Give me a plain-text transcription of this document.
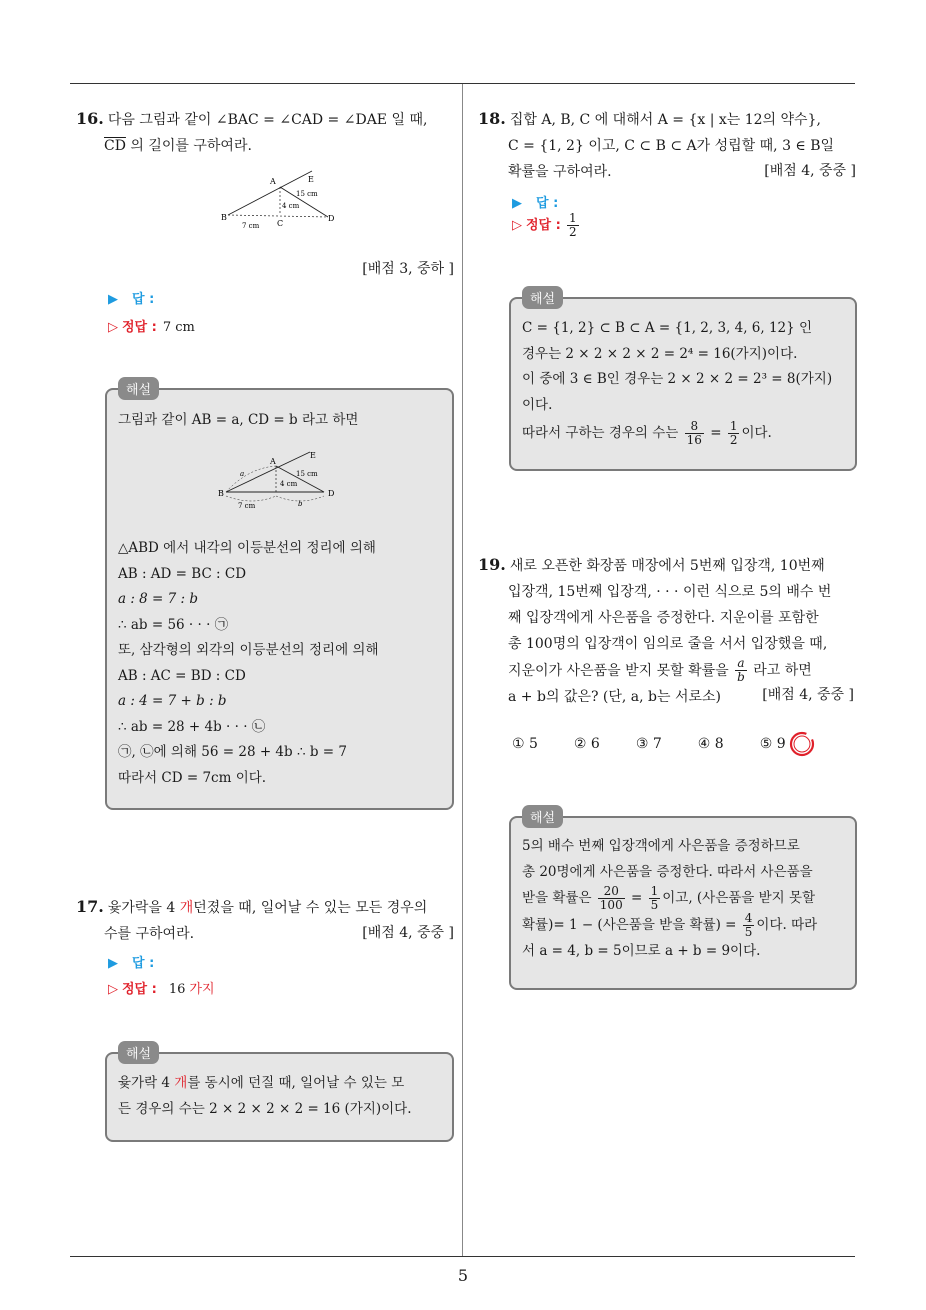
5
16. 다음 그림과 같이 ∠BAC = ∠CAD = ∠DAE 일 때,
$\overline{CD}$ 의 길이를 구하여라.
E
A
B
C
D
15 cm
4 cm
7 cm
[배점 3, 중하 ]
▶ 답 :
▷ 정답 : 7 cm
해설
그림과 같이 AB = a, CD = b 라고 하면
B	D
A
E
a
b
7 cm
4 cm
15 cm
△ABD 에서 내각의 이등분선의 정리에 의해
AB : AD = BC : CD
a : 8 = 7 : b
∴ ab = 56 · · · ㉠
또, 삼각형의 외각의 이등분선의 정리에 의해
AB : AC = BD : CD
a : 4 = 7 + b : b
∴ ab = 28 + 4b · · · ㉡
㉠, ㉡에 의해 56 = 28 + 4b ∴ b = 7
따라서 CD = 7cm 이다.
17. 윷가락을 4 개던졌을 때, 일어날 수 있는 모든 경우의
수를 구하여라.	[배점 4, 중중 ]
▶ 답 :
▷ 정답 : 16 가지
해설
윷가락 4 개를 동시에 던질 때, 일어날 수 있는 모
든 경우의 수는 2 × 2 × 2 × 2 = 16 (가지)이다.
18. 집합 A, B, C 에 대해서 A = {x | x는 12의 약수},
C = {1, 2} 이고, C ⊂ B ⊂ A가 성립할 때, 3 ∈ B일
확률을 구하여라.	[배점 4, 중중 ]
▶ 답 :
▷ 정답 : $\frac{1}{2}$
해설
C = {1, 2} ⊂ B ⊂ A = {1, 2, 3, 4, 6, 12} 인
경우는 2 × 2 × 2 × 2 = 2⁴ = 16(가지)이다.
이 중에 3 ∈ B인 경우는 2 × 2 × 2 = 2³ = 8(가지)
이다.
따라서 구하는 경우의 수는 $\frac{8}{16} = \frac{1}{2}$ 이다.
19. 새로 오픈한 화장품 매장에서 5번째 입장객, 10번째
입장객, 15번째 입장객, · · · 이런 식으로 5의 배수 번
째 입장객에게 사은품을 증정한다. 지운이를 포함한
총 100명의 입장객이 임의로 줄을 서서 입장했을 때,
지운이가 사은품을 받지 못할 확률을 $\frac{a}{b}$ 라고 하면
a + b의 값은? (단, a, b는 서로소)	[배점 4, 중중 ]
① 5	② 6	③ 7	④ 8	⑤ 9
해설
5의 배수 번째 입장객에게 사은품을 증정하므로
총 20명에게 사은품을 증정한다. 따라서 사은품을
받을 확률은 $\frac{20}{100} = \frac{1}{5}$ 이고, (사은품을 받지 못할
확률)= 1 − (사은품을 받을 확률) = $\frac{4}{5}$ 이다. 따라
서 a = 4, b = 5이므로 a + b = 9이다.
